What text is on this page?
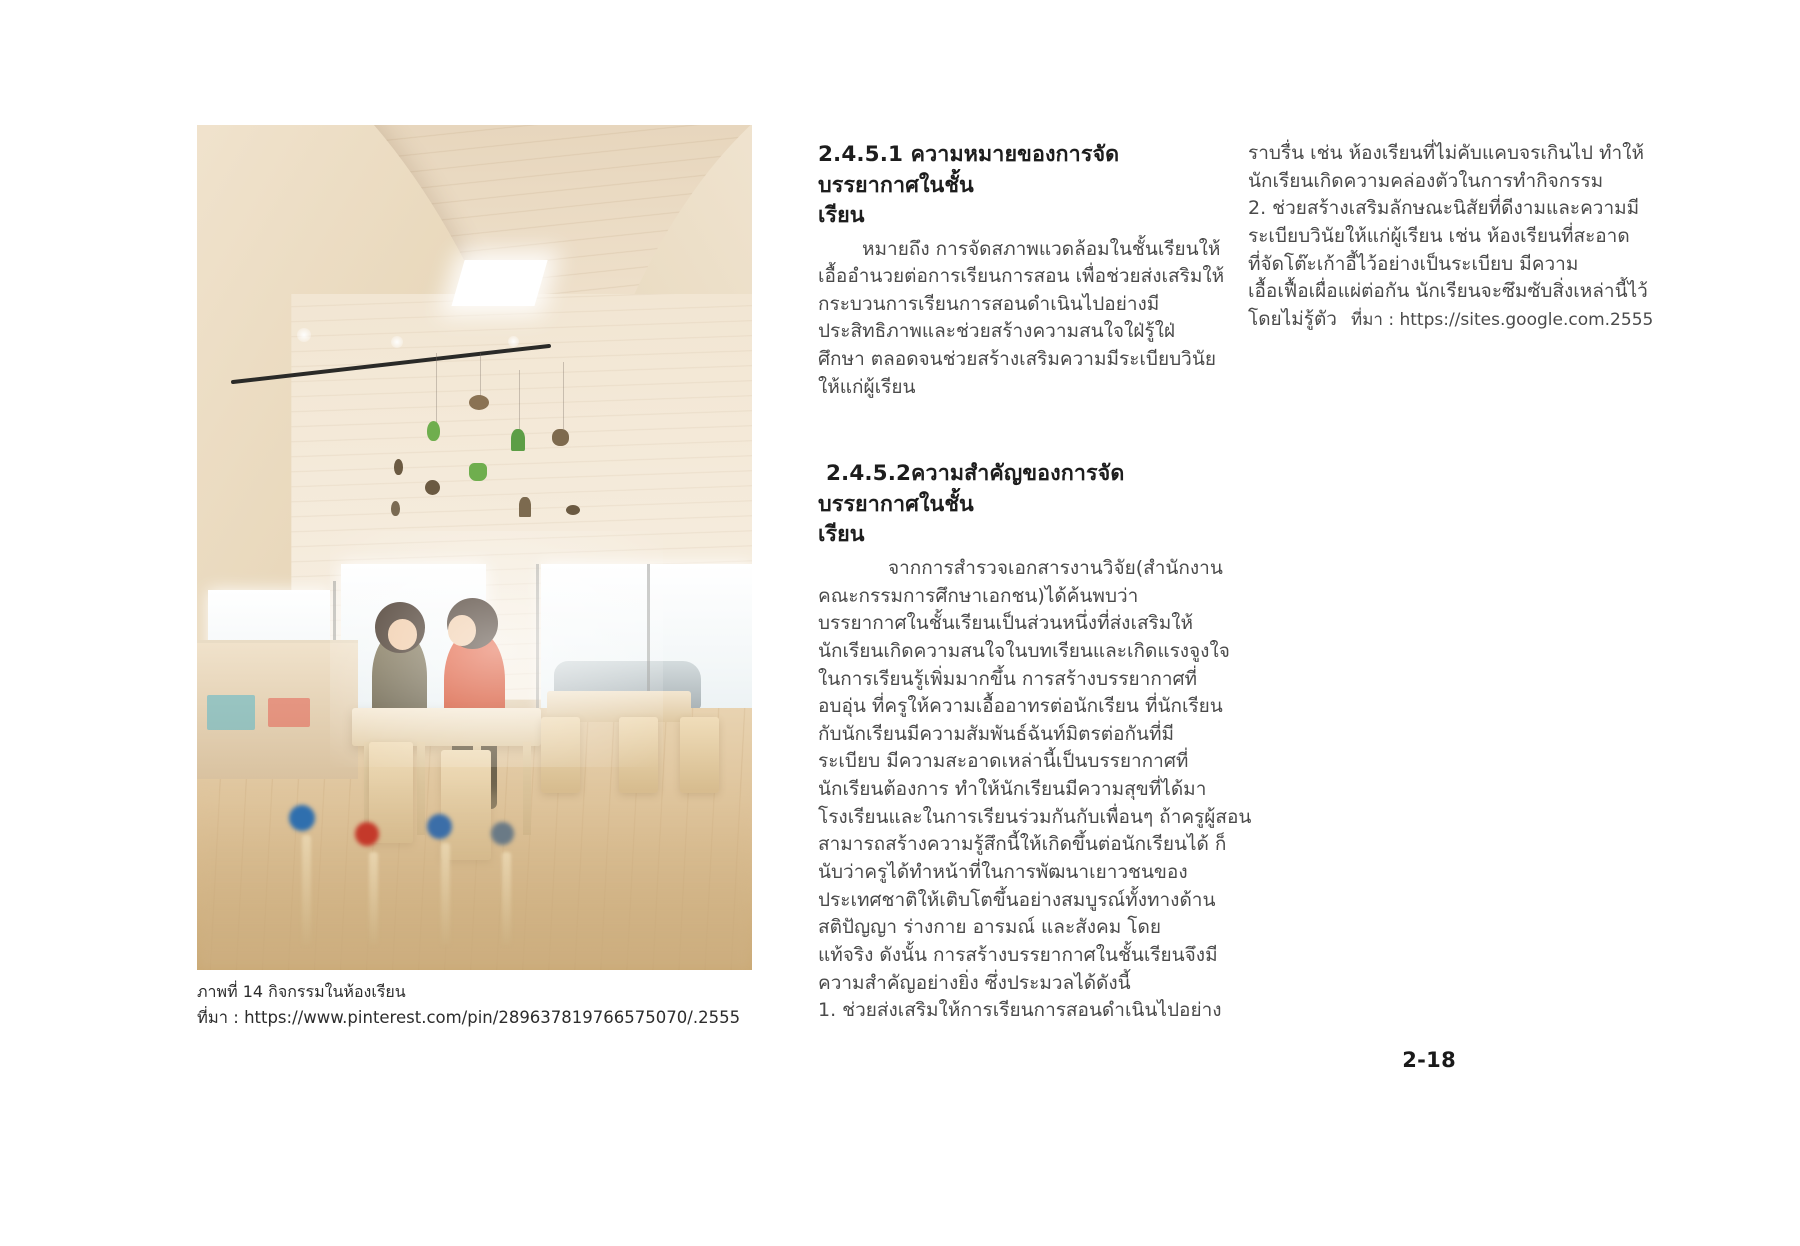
ภาพที่ 14 กิจกรรมในห้องเรียน
ที่มา : https://www.pinterest.com/pin/289637819766575070/.2555
2.4.5.1 ความหมายของการจัดบรรยากาศในชั้น
เรียน

หมายถึง การจัดสภาพแวดล้อมในชั้นเรียนให้
เอื้ออำนวยต่อการเรียนการสอน เพื่อช่วยส่งเสริมให้
กระบวนการเรียนการสอนดำเนินไปอย่างมี
ประสิทธิภาพและช่วยสร้างความสนใจใฝ่รู้ใฝ่
ศึกษา ตลอดจนช่วยสร้างเสริมความมีระเบียบวินัย
ให้แก่ผู้เรียน

2.4.5.2ความสำคัญของการจัดบรรยากาศในชั้น
เรียน

จากการสำรวจเอกสารงานวิจัย(สำนักงาน
คณะกรรมการศึกษาเอกชน)ได้ค้นพบว่า
บรรยากาศในชั้นเรียนเป็นส่วนหนึ่งที่ส่งเสริมให้
นักเรียนเกิดความสนใจในบทเรียนและเกิดแรงจูงใจ
ในการเรียนรู้เพิ่มมากขึ้น การสร้างบรรยากาศที่
อบอุ่น ที่ครูให้ความเอื้ออาทรต่อนักเรียน ที่นักเรียน
กับนักเรียนมีความสัมพันธ์ฉันท์มิตรต่อกันที่มี
ระเบียบ มีความสะอาดเหล่านี้เป็นบรรยากาศที่
นักเรียนต้องการ ทำให้นักเรียนมีความสุขที่ได้มา
โรงเรียนและในการเรียนร่วมกันกับเพื่อนๆ ถ้าครูผู้สอน
สามารถสร้างความรู้สึกนี้ให้เกิดขึ้นต่อนักเรียนได้ ก็
นับว่าครูได้ทำหน้าที่ในการพัฒนาเยาวชนของ
ประเทศชาติให้เติบโตขึ้นอย่างสมบูรณ์ทั้งทางด้าน
สติปัญญา ร่างกาย อารมณ์ และสังคม โดย
แท้จริง ดังนั้น การสร้างบรรยากาศในชั้นเรียนจึงมี
ความสำคัญอย่างยิ่ง ซึ่งประมวลได้ดังนี้
1. ช่วยส่งเสริมให้การเรียนการสอนดำเนินไปอย่าง

ราบรื่น เช่น ห้องเรียนที่ไม่คับแคบจรเกินไป ทำให้
นักเรียนเกิดความคล่องตัวในการทำกิจกรรม
2. ช่วยสร้างเสริมลักษณะนิสัยที่ดีงามและความมี
ระเบียบวินัยให้แก่ผู้เรียน เช่น ห้องเรียนที่สะอาด
ที่จัดโต๊ะเก้าอี้ไว้อย่างเป็นระเบียบ มีความ
เอื้อเฟื้อเผื่อแผ่ต่อกัน นักเรียนจะซึมซับสิ่งเหล่านี้ไว้
โดยไม่รู้ตัว ที่มา : https://sites.google.com.2555

2-18
